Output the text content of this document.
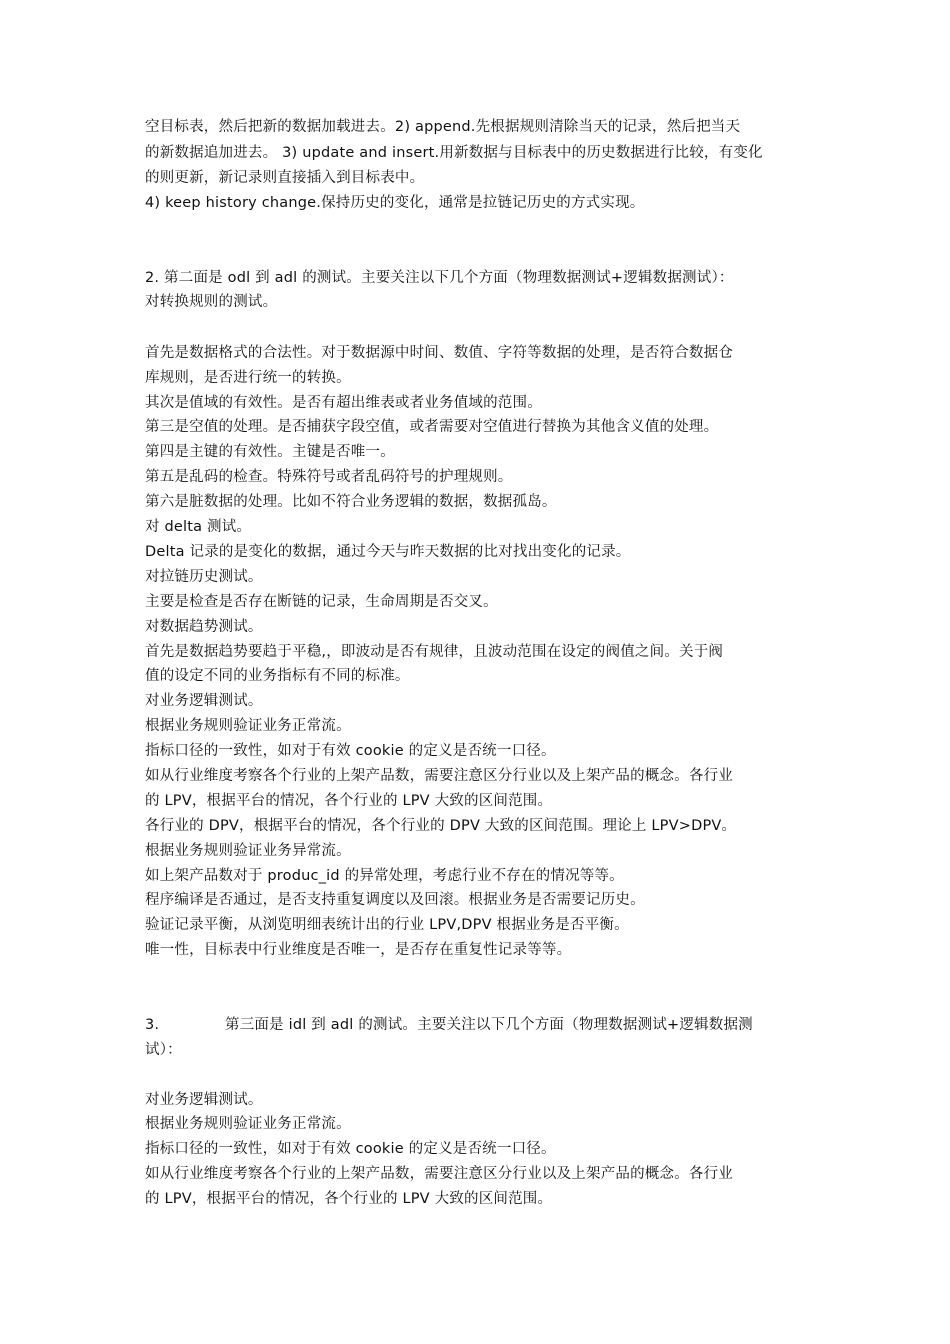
空目标表，然后把新的数据加载进去。2) append.先根据规则清除当天的记录，然后把当天
的新数据追加进去。 3) update and insert.用新数据与目标表中的历史数据进行比较，有变化
的则更新，新记录则直接插入到目标表中。
4) keep history change.保持历史的变化，通常是拉链记历史的方式实现。
2. 第二面是 odl 到 adl 的测试。主要关注以下几个方面（物理数据测试+逻辑数据测试）：
对转换规则的测试。
首先是数据格式的合法性。对于数据源中时间、数值、字符等数据的处理，是否符合数据仓
库规则，是否进行统一的转换。
其次是值域的有效性。是否有超出维表或者业务值域的范围。
第三是空值的处理。是否捕获字段空值，或者需要对空值进行替换为其他含义值的处理。
第四是主键的有效性。主键是否唯一。
第五是乱码的检查。特殊符号或者乱码符号的护理规则。
第六是脏数据的处理。比如不符合业务逻辑的数据，数据孤岛。
对 delta 测试。
Delta 记录的是变化的数据，通过今天与昨天数据的比对找出变化的记录。
对拉链历史测试。
主要是检查是否存在断链的记录，生命周期是否交叉。
对数据趋势测试。
首先是数据趋势要趋于平稳,，即波动是否有规律，且波动范围在设定的阀值之间。关于阀
值的设定不同的业务指标有不同的标准。
对业务逻辑测试。
根据业务规则验证业务正常流。
指标口径的一致性，如对于有效 cookie 的定义是否统一口径。
如从行业维度考察各个行业的上架产品数，需要注意区分行业以及上架产品的概念。各行业
的 LPV，根据平台的情况，各个行业的 LPV 大致的区间范围。
各行业的 DPV，根据平台的情况，各个行业的 DPV 大致的区间范围。理论上 LPV>DPV。
根据业务规则验证业务异常流。
如上架产品数对于 produc_id 的异常处理，考虑行业不存在的情况等等。
程序编译是否通过，是否支持重复调度以及回滚。根据业务是否需要记历史。
验证记录平衡，从浏览明细表统计出的行业 LPV,DPV 根据业务是否平衡。
唯一性，目标表中行业维度是否唯一，是否存在重复性记录等等。
3.	第三面是 idl 到 adl 的测试。主要关注以下几个方面（物理数据测试+逻辑数据测
试）：
对业务逻辑测试。
根据业务规则验证业务正常流。
指标口径的一致性，如对于有效 cookie 的定义是否统一口径。
如从行业维度考察各个行业的上架产品数，需要注意区分行业以及上架产品的概念。各行业
的 LPV，根据平台的情况，各个行业的 LPV 大致的区间范围。
